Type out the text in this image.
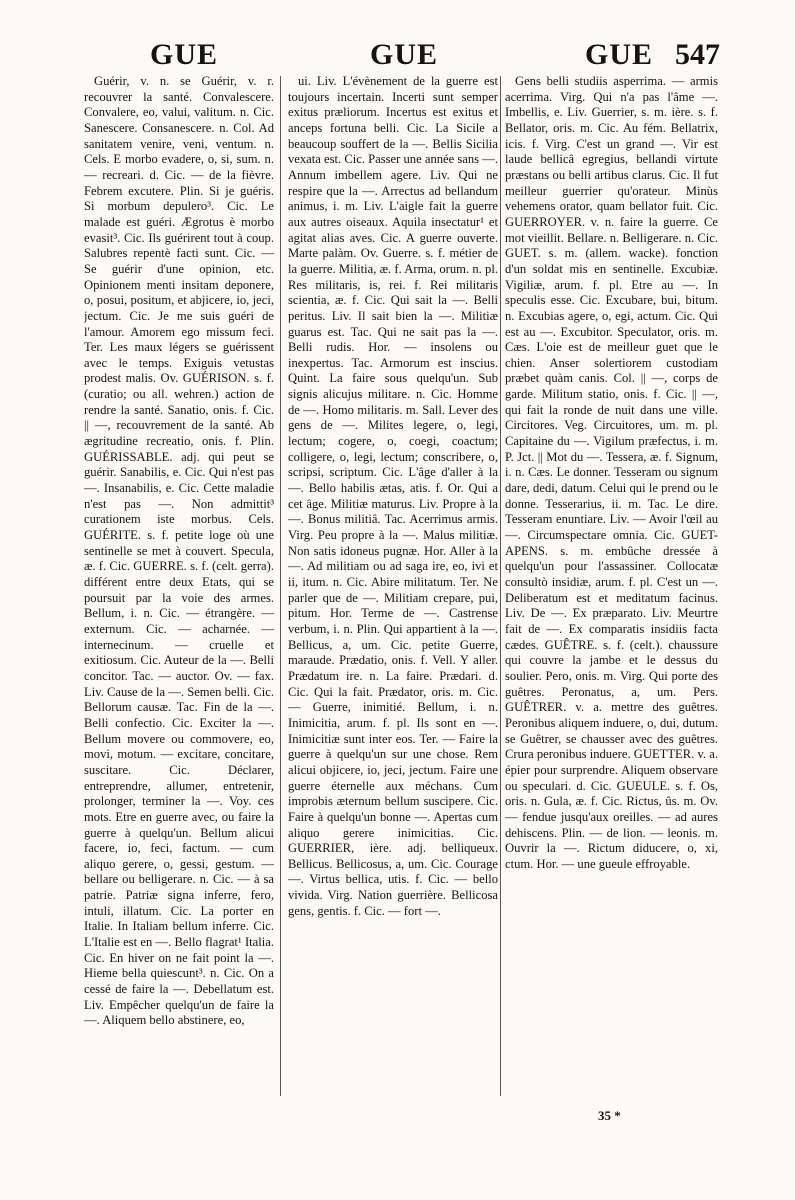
GUE	GUE	GUE 547

Guérir, v. n. se Guérir, v. r. recouvrer la santé. Convalescere. Convalere, eo, valui, valitum. n. Cic. Sanescere. Consanescere. n. Col. Ad sanitatem venire, veni, ventum. n. Cels. E morbo evadere, o, si, sum. n. — recreari. d. Cic. — de la fièvre. Febrem excutere. Plin. Si je guéris. Si morbum depulero³. Cic. Le malade est guéri. Ægrotus è morbo evasit³. Cic. Ils guérirent tout à coup. Salubres repentè facti sunt. Cic. — Se guérir d'une opinion, etc. Opinionem menti insitam deponere, o, posui, positum, et abjicere, io, jeci, jectum. Cic. Je me suis guéri de l'amour. Amorem ego missum feci. Ter. Les maux légers se guérissent avec le temps. Exiguis vetustas prodest malis. Ov. GUÉRISON. s. f. (curatio; ou all. wehren.) action de rendre la santé. Sanatio, onis. f. Cic. || —, recouvrement de la santé. Ab ægritudine recreatio, onis. f. Plin. GUÉRISSABLE. adj. qui peut se guérir. Sanabilis, e. Cic. Qui n'est pas —. Insanabilis, e. Cic. Cette maladie n'est pas —. Non admittit³ curationem iste morbus. Cels. GUÉRITE. s. f. petite loge où une sentinelle se met à couvert. Specula, æ. f. Cic. GUERRE. s. f. (celt. gerra). différent entre deux Etats, qui se poursuit par la voie des armes. Bellum, i. n. Cic. — étrangère. — externum. Cic. — acharnée. — internecinum. — cruelle et exitiosum. Cic. Auteur de la —. Belli concitor. Tac. — auctor. Ov. — fax. Liv. Cause de la —. Semen belli. Cic. Bellorum causæ. Tac. Fin de la —. Belli confectio. Cic. Exciter la —. Bellum movere ou commovere, eo, movi, motum. — excitare, concitare, suscitare. Cic. Déclarer, entreprendre, allumer, entretenir, prolonger, terminer la —. Voy. ces mots. Etre en guerre avec, ou faire la guerre à quelqu'un. Bellum alicui facere, io, feci, factum. — cum aliquo gerere, o, gessi, gestum. — bellare ou belligerare. n. Cic. — à sa patrie. Patriæ signa inferre, fero, intuli, illatum. Cic. La porter en Italie. In Italiam bellum inferre. Cic. L'Italie est en —. Bello flagrat¹ Italia. Cic. En hiver on ne fait point la —. Hieme bella quiescunt³. n. Cic. On a cessé de faire la —. Debellatum est. Liv. Empêcher quelqu'un de faire la —. Aliquem bello abstinere, eo,

ui. Liv. L'évènement de la guerre est toujours incertain. Incerti sunt semper exitus præliorum. Incertus est exitus et anceps fortuna belli. Cic. La Sicile a beaucoup souffert de la —. Bellis Sicilia vexata est. Cic. Passer une année sans —. Annum imbellem agere. Liv. Qui ne respire que la —. Arrectus ad bellandum animus, i. m. Liv. L'aigle fait la guerre aux autres oiseaux. Aquila insectatur¹ et agitat alias aves. Cic. A guerre ouverte. Marte palàm. Ov. Guerre. s. f. métier de la guerre. Militia, æ. f. Arma, orum. n. pl. Res militaris, is, rei. f. Rei militaris scientia, æ. f. Cic. Qui sait la —. Belli peritus. Liv. Il sait bien la —. Militiæ guarus est. Tac. Qui ne sait pas la —. Belli rudis. Hor. — insolens ou inexpertus. Tac. Armorum est inscius. Quint. La faire sous quelqu'un. Sub signis alicujus militare. n. Cic. Homme de —. Homo militaris. m. Sall. Lever des gens de —. Milites legere, o, legi, lectum; cogere, o, coegi, coactum; colligere, o, legi, lectum; conscribere, o, scripsi, scriptum. Cic. L'âge d'aller à la —. Bello habilis ætas, atis. f. Or. Qui a cet âge. Militiæ maturus. Liv. Propre à la —. Bonus militiâ. Tac. Acerrimus armis. Virg. Peu propre à la —. Malus militiæ. Non satis idoneus pugnæ. Hor. Aller à la —. Ad militiam ou ad saga ire, eo, ivi et ii, itum. n. Cic. Abire militatum. Ter. Ne parler que de —. Militiam crepare, pui, pitum. Hor. Terme de —. Castrense verbum, i. n. Plin. Qui appartient à la —. Bellicus, a, um. Cic. petite Guerre, maraude. Prædatio, onis. f. Vell. Y aller. Prædatum ire. n. La faire. Prædari. d. Cic. Qui la fait. Prædator, oris. m. Cic. — Guerre, inimitié. Bellum, i. n. Inimicitia, arum. f. pl. Ils sont en —. Inimicitiæ sunt inter eos. Ter. — Faire la guerre à quelqu'un sur une chose. Rem alicui objicere, io, jeci, jectum. Faire une guerre éternelle aux méchans. Cum improbis æternum bellum suscipere. Cic. Faire à quelqu'un bonne —. Apertas cum aliquo gerere inimicitias. Cic. GUERRIER, ière. adj. belliqueux. Bellicus. Bellicosus, a, um. Cic. Courage —. Virtus bellica, utis. f. Cic. — bello vivida. Virg. Nation guerrière. Bellicosa gens, gentis. f. Cic. — fort —.

Gens belli studiis asperrima. — armis acerrima. Virg. Qui n'a pas l'âme —. Imbellis, e. Liv. Guerrier, s. m. ière. s. f. Bellator, oris. m. Cic. Au fém. Bellatrix, icis. f. Virg. C'est un grand —. Vir est laude bellicâ egregius, bellandi virtute præstans ou belli artibus clarus. Cic. Il fut meilleur guerrier qu'orateur. Minùs vehemens orator, quam bellator fuit. Cic. GUERROYER. v. n. faire la guerre. Ce mot vieillit. Bellare. n. Belligerare. n. Cic. GUET. s. m. (allem. wacke). fonction d'un soldat mis en sentinelle. Excubiæ. Vigiliæ, arum. f. pl. Etre au —. In speculis esse. Cic. Excubare, bui, bitum. n. Excubias agere, o, egi, actum. Cic. Qui est au —. Excubitor. Speculator, oris. m. Cæs. L'oie est de meilleur guet que le chien. Anser solertiorem custodiam præbet quàm canis. Col. || —, corps de garde. Militum statio, onis. f. Cic. || —, qui fait la ronde de nuit dans une ville. Circitores. Veg. Circuitores, um. m. pl. Capitaine du —. Vigilum præfectus, i. m. P. Jct. || Mot du —. Tessera, æ. f. Signum, i. n. Cæs. Le donner. Tesseram ou signum dare, dedi, datum. Celui qui le prend ou le donne. Tesserarius, ii. m. Tac. Le dire. Tesseram enuntiare. Liv. — Avoir l'œil au —. Circumspectare omnia. Cic. GUET-APENS. s. m. embûche dressée à quelqu'un pour l'assassiner. Collocatæ consultò insidiæ, arum. f. pl. C'est un —. Deliberatum est et meditatum facinus. Liv. De —. Ex præparato. Liv. Meurtre fait de —. Ex comparatis insidiis facta cædes. GUÊTRE. s. f. (celt.). chaussure qui couvre la jambe et le dessus du soulier. Pero, onis. m. Virg. Qui porte des guêtres. Peronatus, a, um. Pers. GUÊTRER. v. a. mettre des guêtres. Peronibus aliquem induere, o, dui, dutum. se Guêtrer, se chausser avec des guêtres. Crura peronibus induere. GUETTER. v. a. épier pour surprendre. Aliquem observare ou speculari. d. Cic. GUEULE. s. f. Os, oris. n. Gula, æ. f. Cic. Rictus, ûs. m. Ov. — fendue jusqu'aux oreilles. — ad aures dehiscens. Plin. — de lion. — leonis. m. Ouvrir la —. Rictum diducere, o, xi, ctum. Hor. — une gueule effroyable.

35 *
